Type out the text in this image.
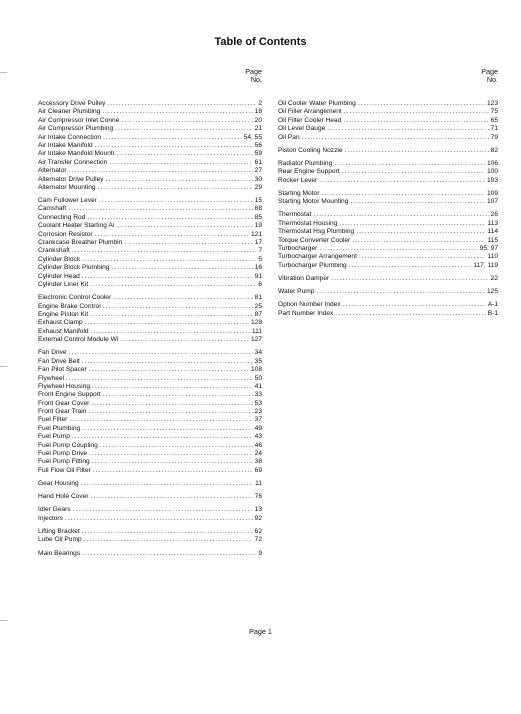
Table of Contents
Page
No.
Page
No.
Accessory Drive Pulley . . .	2
Air Cleaner Plumbing . . .	18
Air Compressor Inlet Conne . . .	20
Air Compressor Plumbing . . .	21
Air Intake Connection . . .	54, 55
Air Intake Manifold . . .	56
Air Intake Manifold Mounti . . .	59
Air Transfer Connection . . .	61
Alternator . . .	27
Alternator Drive Pulley . . .	30
Alternator Mounting . . .	29
Cam Follower Lever . . .	15
Camshaft . . .	88
Connecting Rod . . .	85
Coolant Heater Starting Ai . . .	19
Corrosion Resistor . . .	121
Crankcase Breather Plumbin . . .	17
Crankshaft . . .	7
Cylinder Block . . .	5
Cylinder Block Plumbing . . .	16
Cylinder Head . . .	91
Cylinder Liner Kit . . .	6
Electronic Control Cooler . . .	81
Engine Brake Control . . .	25
Engine Piston Kit . . .	87
Exhaust Clamp . . .	128
Exhaust Manifold . . .	111
External Control Module Wi . . .	127
Fan Drive . . .	34
Fan Drive Belt . . .	35
Fan Pilot Spacer . . .	108
Flywheel . . .	50
Flywheel Housing . . .	41
Front Engine Support . . .	33
Front Gear Cover . . .	53
Front Gear Train . . .	23
Fuel Filter . . .	37
Fuel Plumbing . . .	49
Fuel Pump . . .	43
Fuel Pump Coupling . . .	46
Fuel Pump Drive . . .	24
Fuel Pump Fitting . . .	38
Full Flow Oil Filter . . .	69
Gear Housing . . .	11
Hand Hole Cover . . .	76
Idler Gears . . .	13
Injectors . . .	92
Lifting Bracket . . .	62
Lube Oil Pump . . .	72
Main Bearings . . .	9
Oil Cooler Water Plumbing . . .	123
Oil Filler Arrangement . . .	75
Oil Filter Cooler Head . . .	65
Oil Level Gauge . . .	71
Oil Pan . . .	79
Piston Cooling Nozzle . . .	82
Radiator Plumbing . . .	106
Rear Engine Support . . .	100
Rocker Lever . . .	103
Starting Motor . . .	109
Starting Motor Mounting . . .	107
Thermostat . . .	26
Thermostat Housing . . .	113
Thermostat Hsg Plumbing . . .	114
Torque Converter Cooler . . .	115
Turbocharger . . .	95, 97
Turbocharger Arrangement . . .	110
Turbocharger Plumbing . . .	117, 119
Vibration Damper . . .	22
Water Pump . . .	125
Option Number Index . . .	A-1
Part Number Index . . .	B-1
Page 1
